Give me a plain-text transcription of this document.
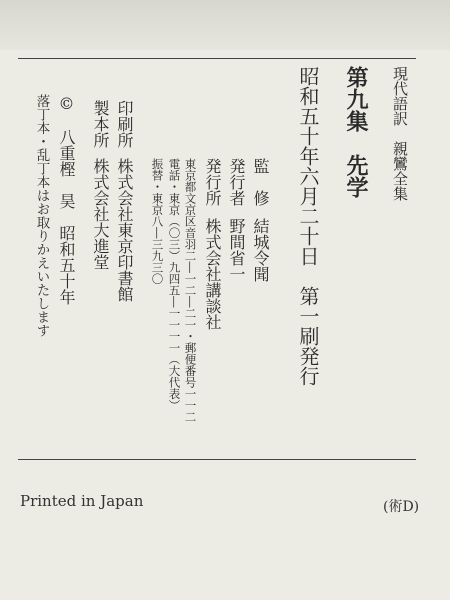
現代語訳　親鸞全集
第九集　先学
昭和五十年六月二十日　第一刷発行
監　修
結城令聞
発行者
野間省一
発行所
株式会社講談社
東京都文京区音羽二―一二―二一・郵便番号一一二
電話・東京（〇三）九四五―一一一一（大代表）
振替・東京八―三九三〇
印刷所
株式会社東京印書館
製本所
株式会社大進堂
©　八重樫　昊　昭和五十年
落丁本・乱丁本はお取りかえいたします
Printed in Japan	(術D)
